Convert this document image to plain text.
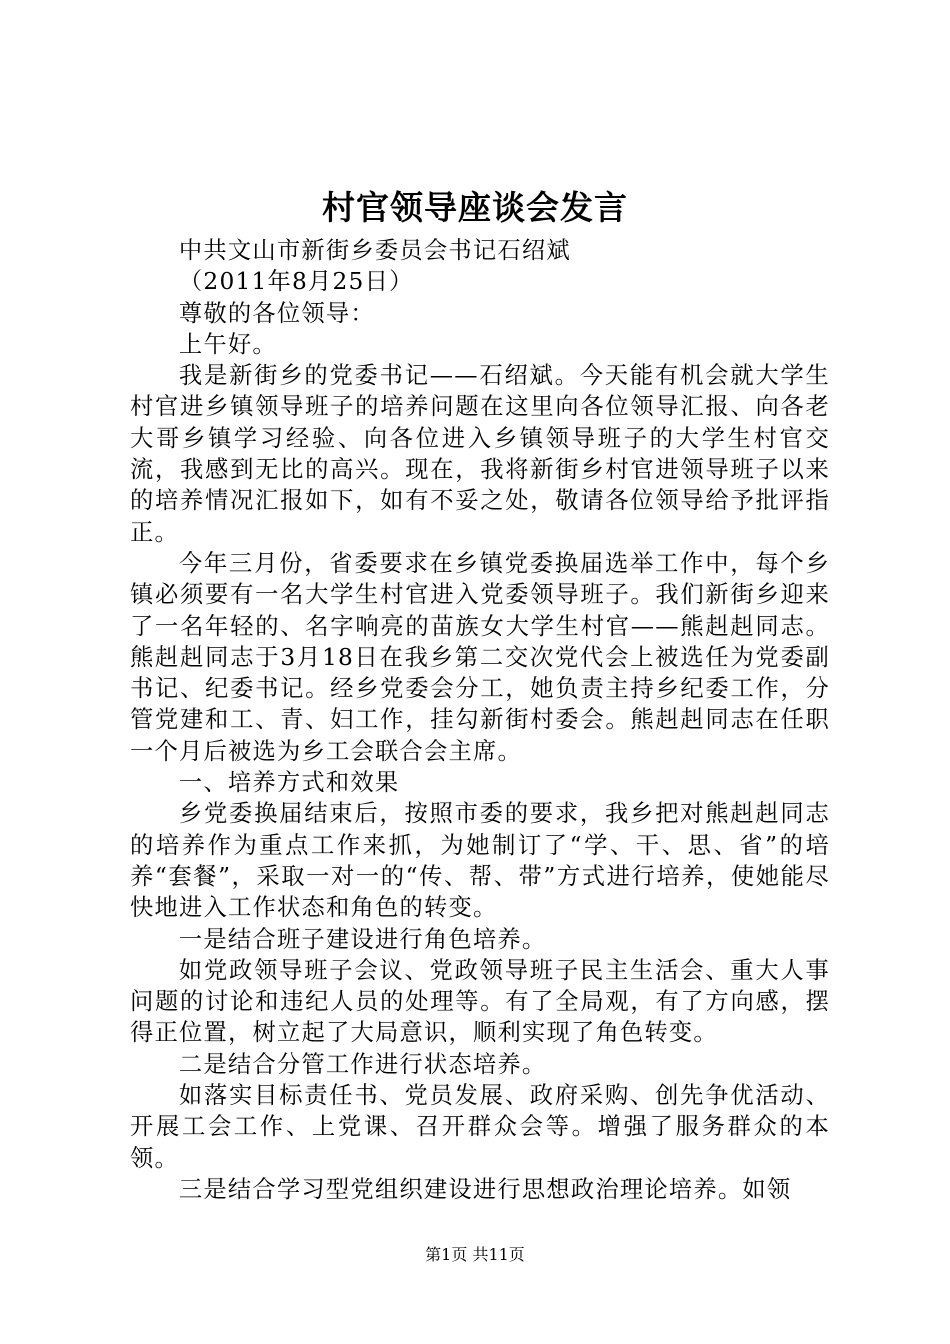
村官领导座谈会发言

中共文山市新街乡委员会书记石绍斌

（2011年8月25日）

尊敬的各位领导：

上午好。

我是新街乡的党委书记——石绍斌。今天能有机会就大学生村官进乡镇领导班子的培养问题在这里向各位领导汇报、向各老大哥乡镇学习经验、向各位进入乡镇领导班子的大学生村官交流，我感到无比的高兴。现在，我将新街乡村官进领导班子以来的培养情况汇报如下，如有不妥之处，敬请各位领导给予批评指正。

今年三月份，省委要求在乡镇党委换届选举工作中，每个乡镇必须要有一名大学生村官进入党委领导班子。我们新街乡迎来了一名年轻的、名字响亮的苗族女大学生村官——熊赳赳同志。熊赳赳同志于3月18日在我乡第二交次党代会上被选任为党委副书记、纪委书记。经乡党委会分工，她负责主持乡纪委工作，分管党建和工、青、妇工作，挂勾新街村委会。熊赳赳同志在任职一个月后被选为乡工会联合会主席。

一、培养方式和效果

乡党委换届结束后，按照市委的要求，我乡把对熊赳赳同志的培养作为重点工作来抓，为她制订了“学、干、思、省”的培养“套餐”，采取一对一的“传、帮、带”方式进行培养，使她能尽快地进入工作状态和角色的转变。

一是结合班子建设进行角色培养。

如党政领导班子会议、党政领导班子民主生活会、重大人事问题的讨论和违纪人员的处理等。有了全局观，有了方向感，摆得正位置，树立起了大局意识，顺利实现了角色转变。

二是结合分管工作进行状态培养。

如落实目标责任书、党员发展、政府采购、创先争优活动、开展工会工作、上党课、召开群众会等。增强了服务群众的本领。

三是结合学习型党组织建设进行思想政治理论培养。如领

第1页 共11页
